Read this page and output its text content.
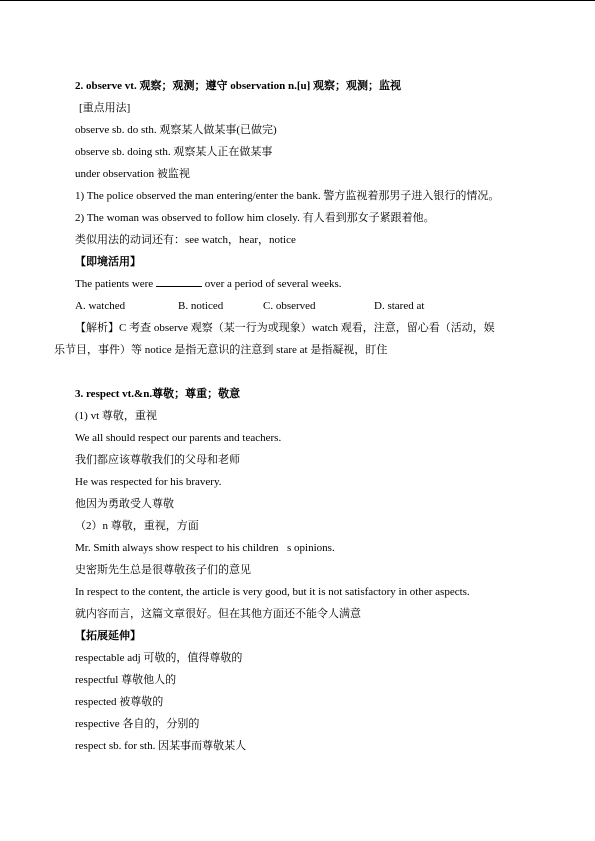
2. observe vt. 观察；观测；遵守 observation n.[u] 观察；观测；监视
[重点用法]
observe sb. do sth. 观察某人做某事(已做完)
observe sb. doing sth. 观察某人正在做某事
under observation 被监视
1) The police observed the man entering/enter the bank. 警方监视着那男子进入银行的情况。
2) The woman was observed to follow him closely. 有人看到那女子紧跟着他。
类似用法的动词还有：see watch，hear，notice
【即境活用】
The patients were	over a period of several weeks.
A. watched	B. noticed	C. observed	D. stared at
【解析】C 考查 observe 观察（某一行为或现象）watch 观看，注意，留心看（活动，娱
乐节目，事件）等 notice 是指无意识的注意到 stare at 是指凝视，盯住
3. respect vt.&n.尊敬；尊重；敬意
(1) vt 尊敬，重视
We all should respect our parents and teachers.
我们都应该尊敬我们的父母和老师
He was respected for his bravery.
他因为勇敢受人尊敬
（2）n 尊敬，重视，方面
Mr. Smith always show respect to his children s opinions.
史密斯先生总是很尊敬孩子们的意见
In respect to the content, the article is very good, but it is not satisfactory in other aspects.
就内容而言，这篇文章很好。但在其他方面还不能令人满意
【拓展延伸】
respectable adj 可敬的，值得尊敬的
respectful 尊敬他人的
respected 被尊敬的
respective 各自的，分别的
respect sb. for sth. 因某事而尊敬某人
